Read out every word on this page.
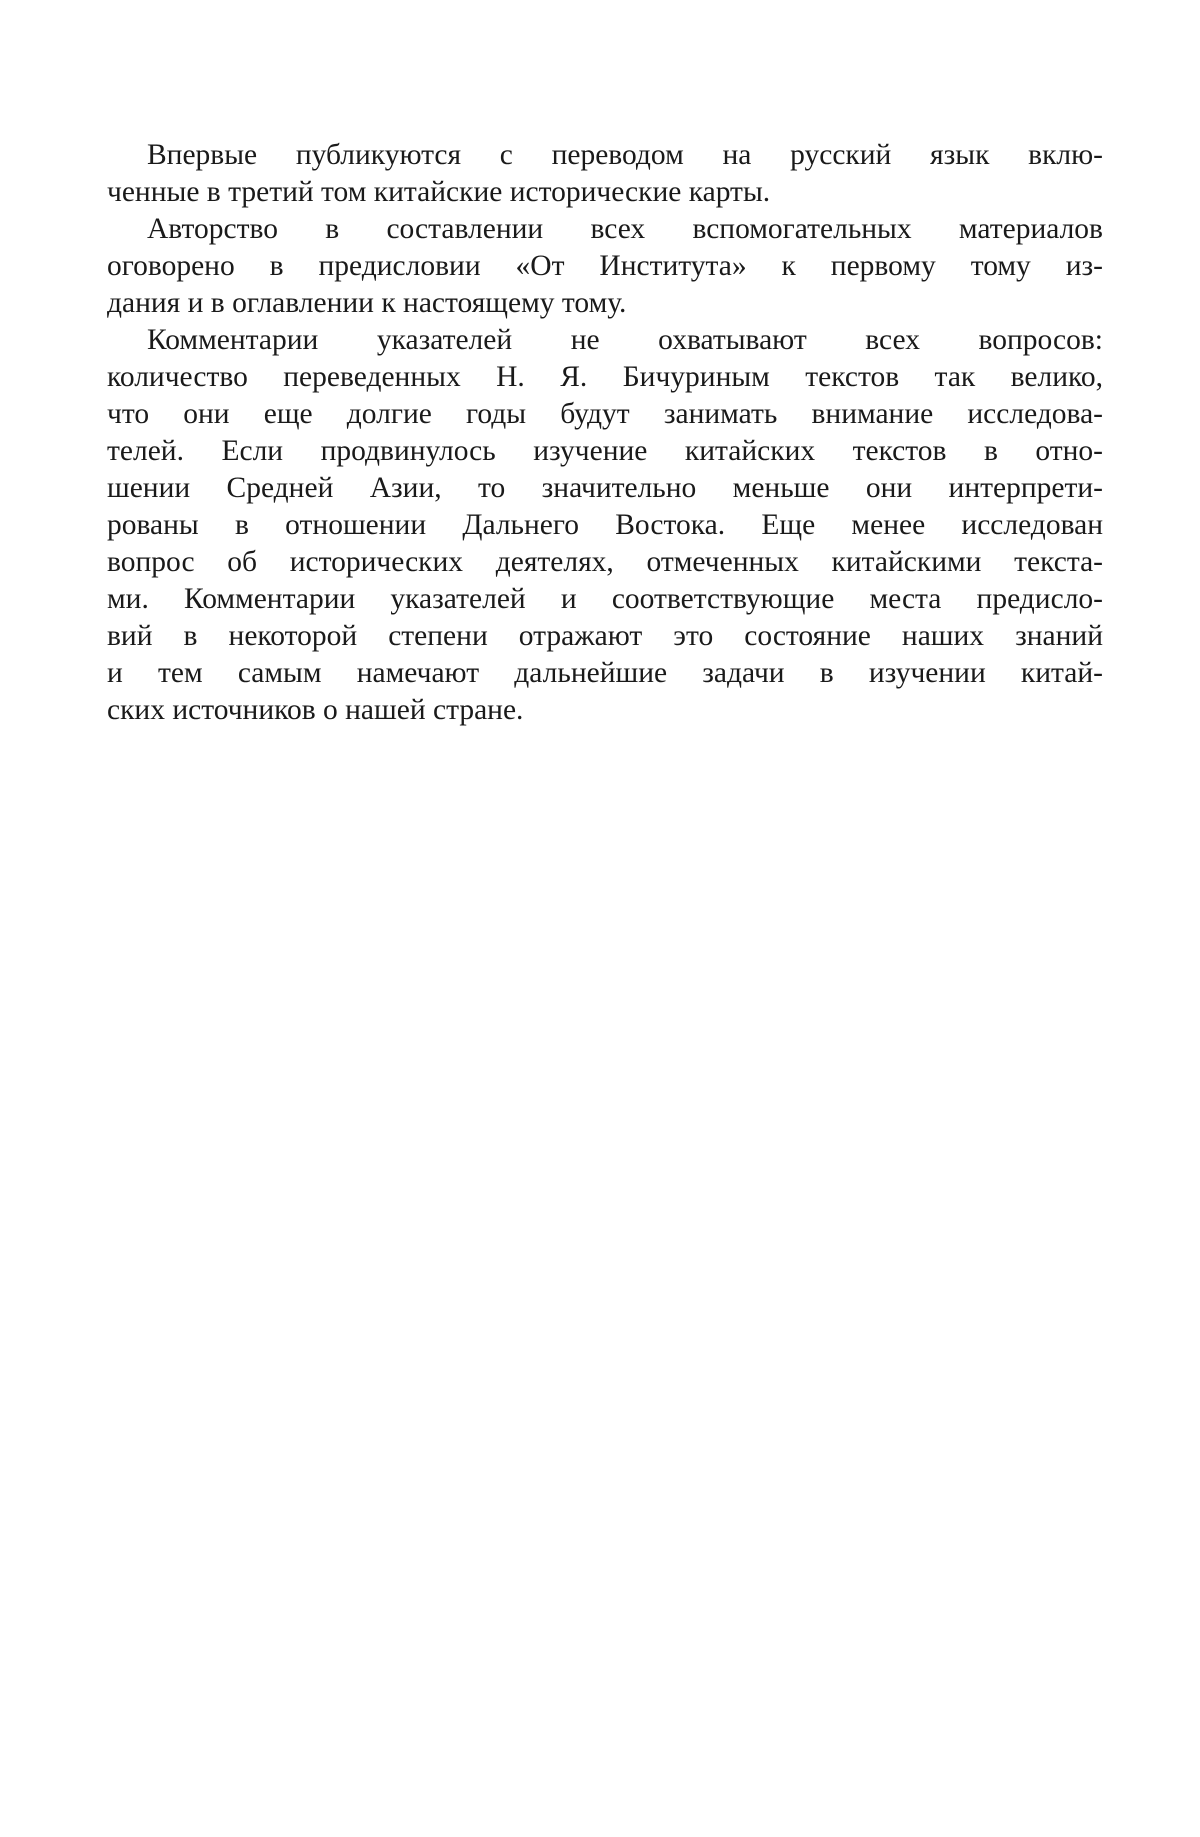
Впервые публикуются с переводом на русский язык вклю-
ченные в третий том китайские исторические карты.

Авторство в составлении всех вспомогательных материалов
оговорено в предисловии «От Института» к первому тому из-
дания и в оглавлении к настоящему тому.

Комментарии указателей не охватывают всех вопросов:
количество переведенных Н. Я. Бичуриным текстов так велико,
что они еще долгие годы будут занимать внимание исследова-
телей. Если продвинулось изучение китайских текстов в отно-
шении Средней Азии, то значительно меньше они интерпрети-
рованы в отношении Дальнего Востока. Еще менее исследован
вопрос об исторических деятелях, отмеченных китайскими текста-
ми. Комментарии указателей и соответствующие места предисло-
вий в некоторой степени отражают это состояние наших знаний
и тем самым намечают дальнейшие задачи в изучении китай-
ских источников о нашей стране.
